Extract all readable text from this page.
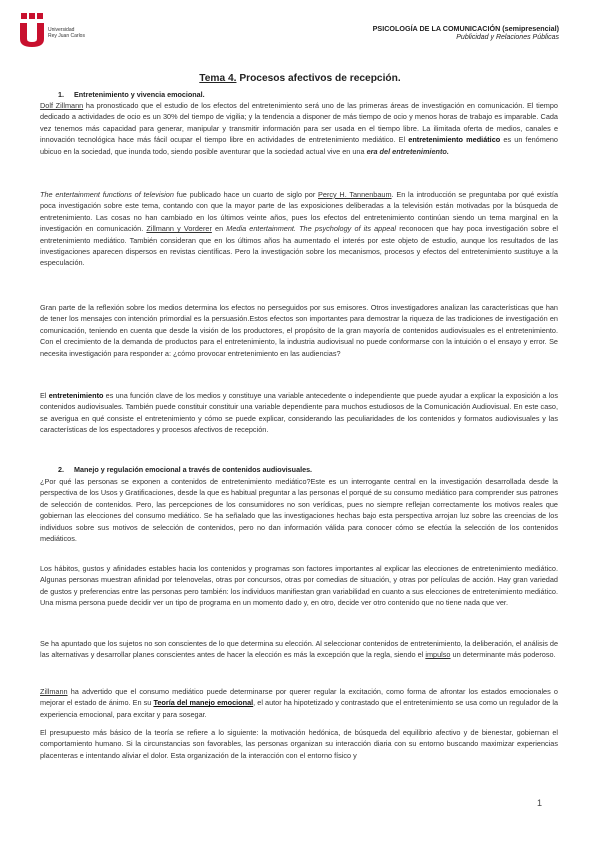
Universidad
Rey Juan Carlos
PSICOLOGÍA DE LA COMUNICACIÓN (semipresencial)
Publicidad y Relaciones Públicas
Tema 4. Procesos afectivos de recepción.
1. Entretenimiento y vivencia emocional.
Dolf Zillmann ha pronosticado que el estudio de los efectos del entretenimiento será uno de las primeras áreas de investigación en comunicación. El tiempo dedicado a actividades de ocio es un 30% del tiempo de vigilia; y la tendencia a disponer de más tiempo de ocio y menos horas de trabajo es imparable. Cada vez tenemos más capacidad para generar, manipular y transmitir información para ser usada en el tiempo libre. La ilimitada oferta de medios, canales e innovación tecnológica hace más fácil ocupar el tiempo libre en actividades de entretenimiento mediático. El entretenimiento mediático es un fenómeno ubicuo en la sociedad, que inunda todo, siendo posible aventurar que la sociedad actual vive en una era del entretenimiento.
The entertainment functions of television fue publicado hace un cuarto de siglo por Percy H. Tannenbaum. En la introducción se preguntaba por qué existía poca investigación sobre este tema, contando con que la mayor parte de las exposiciones deliberadas a la televisión están motivadas por la búsqueda de entretenimiento. Las cosas no han cambiado en los últimos veinte años, pues los efectos del entretenimiento continúan siendo un tema marginal en la investigación en comunicación. Zillmann y Vorderer en Media entertainment. The psychology of its appeal reconocen que hay poca investigación sobre el entretenimiento mediático. También consideran que en los últimos años ha aumentado el interés por este objeto de estudio, aunque los resultados de las investigaciones aparecen dispersos en revistas científicas. Pero la investigación sobre los mecanismos, procesos y efectos del entretenimiento sustituye a la especulación.
Gran parte de la reflexión sobre los medios determina los efectos no perseguidos por sus emisores. Otros investigadores analizan las características que han de tener los mensajes con intención primordial es la persuasión.Estos efectos son importantes para demostrar la riqueza de las tradiciones de investigación en comunicación, teniendo en cuenta que desde la visión de los productores, el propósito de la gran mayoría de contenidos audiovisuales es el entretenimiento. Con el crecimiento de la demanda de productos para el entretenimiento, la industria audiovisual no puede conformarse con la intuición o el ensayo y error. Se necesita investigación para responder a: ¿cómo provocar entretenimiento en las audiencias?
El entretenimiento es una función clave de los medios y constituye una variable antecedente o independiente que puede ayudar a explicar la exposición a los contenidos audiovisuales. También puede constituir constituir una variable dependiente para muchos estudiosos de la Comunicación Audiovisual. En este caso, se averigua en qué consiste el entretenimiento y cómo se puede explicar, considerando las peculiaridades de los contenidos y formatos audiovisuales y las características de los espectadores y procesos afectivos de recepción.
2. Manejo y regulación emocional a través de contenidos audiovisuales.
¿Por qué las personas se exponen a contenidos de entretenimiento mediático?Este es un interrogante central en la investigación desarrollada desde la perspectiva de los Usos y Gratificaciones, desde la que es habitual preguntar a las personas el porqué de su consumo mediático para comprender sus patrones de selección de contenidos. Pero, las percepciones de los consumidores no son verídicas, pues no siempre reflejan correctamente los motivos reales que gobiernan las elecciones del consumo mediático. Se ha señalado que las investigaciones hechas bajo esta perspectiva arrojan luz sobre las creencias de los individuos sobre sus motivos de selección de contenidos, pero no dan información válida para conocer cómo se efectúa la selección de los contenidos mediáticos.
Los hábitos, gustos y afinidades estables hacia los contenidos y programas son factores importantes al explicar las elecciones de entretenimiento mediático. Algunas personas muestran afinidad por telenovelas, otras por concursos, otras por comedias de situación, y otras por películas de acción. Hay gran variedad de gustos y preferencias entre las personas pero también: los individuos manifiestan gran variabilidad en cuanto a sus elecciones de entretenimiento mediático. Una misma persona puede decidir ver un tipo de programa en un momento dado y, en otro, decide ver otro contenido que no tiene nada que ver.
Se ha apuntado que los sujetos no son conscientes de lo que determina su elección. Al seleccionar contenidos de entretenimiento, la deliberación, el análisis de las alternativas y desarrollar planes conscientes antes de hacer la elección es más la excepción que la regla, siendo el impulso un determinante más poderoso.
Zillmann ha advertido que el consumo mediático puede determinarse por querer regular la excitación, como forma de afrontar los estados emocionales o mejorar el estado de ánimo. En su Teoría del manejo emocional, el autor ha hipotetizado y contrastado que el entretenimiento se usa como un regulador de la experiencia emocional, para excitar y para sosegar.
El presupuesto más básico de la teoría se refiere a lo siguiente: la motivación hedónica, de búsqueda del equilibrio afectivo y de bienestar, gobiernan el comportamiento humano. Si la circunstancias son favorables, las personas organizan su interacción diaria con su entorno buscando maximizar experiencias placenteras e intentando aliviar el dolor. Esta organización de la interacción con el entorno físico y
1
